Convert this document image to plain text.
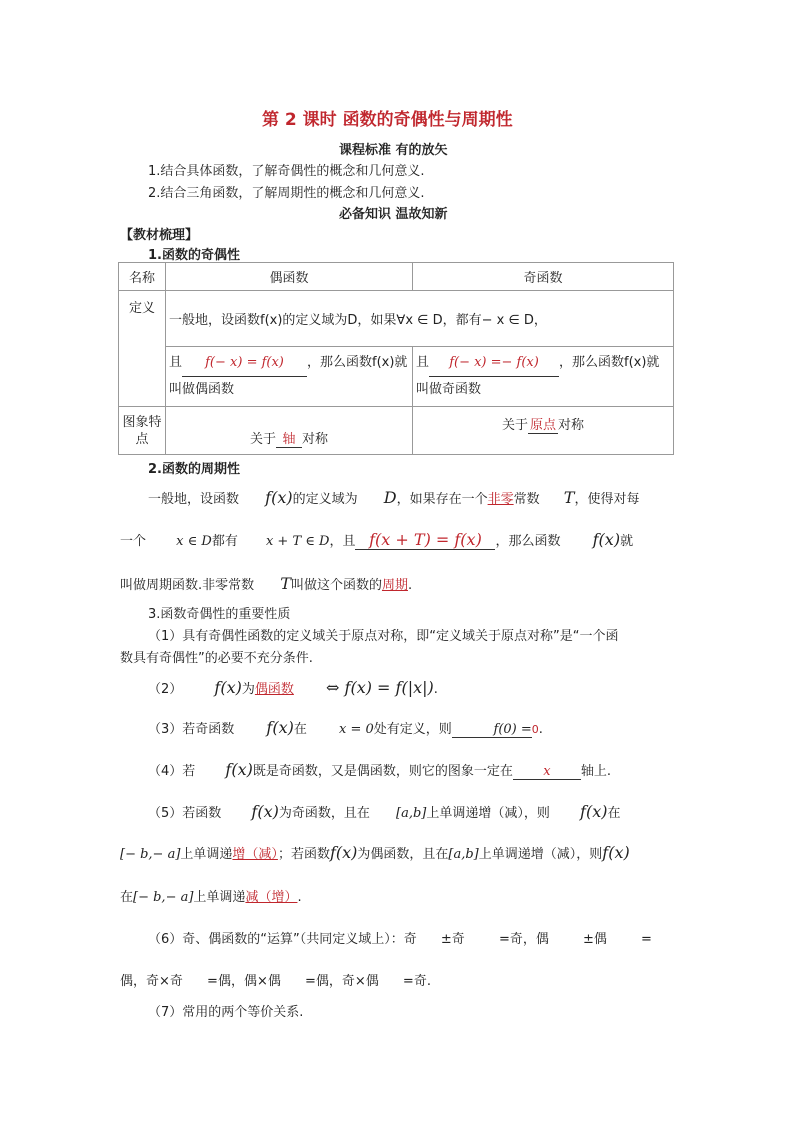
第 2 课时 函数的奇偶性与周期性
课程标准 有的放矢
1.结合具体函数，了解奇偶性的概念和几何意义.
2.结合三角函数，了解周期性的概念和几何意义.
必备知识 温故知新
【教材梳理】
1.函数的奇偶性
名称	偶函数	奇函数
定义	一般地，设函数f(x)的定义域为D，如果∀x ∈ D，都有− x ∈ D，	
	且 f(− x) = f(x) ，那么函数f(x)就叫做偶函数	且 f(− x) =− f(x) ，那么函数f(x)就叫做奇函数
图象特点	关于 轴 对称	关于 原点 对称
2.函数的周期性
一般地，设函数 f(x)的定义域为 D，如果存在一个非零常数 T，使得对每
一个 x ∈ D都有 x + T ∈ D，且 f(x + T) = f(x) ，那么函数 f(x)就
叫做周期函数.非零常数 T叫做这个函数的周期.
3.函数奇偶性的重要性质
（1）具有奇偶性函数的定义域关于原点对称，即“定义域关于原点对称”是“一个函
数具有奇偶性”的必要不充分条件.
（2） f(x)为偶函数 ⇔ f(x) = f(|x|).
（3）若奇函数 f(x)在 x = 0处有定义，则	f(0) =0.
（4）若 f(x)既是奇函数，又是偶函数，则它的图象一定在 x 轴上.
（5）若函数 f(x)为奇函数，且在 [a,b]上单调递增（减），则 f(x)在
[− b,− a]上单调递增（减）；若函数f(x)为偶函数，且在[a,b]上单调递增（减），则f(x)
在[− b,− a]上单调递减（增）.
（6）奇、偶函数的“运算”（共同定义域上）：奇 ±奇	=奇，偶	±偶	=
偶，奇×奇 =偶，偶×偶 =偶，奇×偶 =奇.
（7）常用的两个等价关系.
